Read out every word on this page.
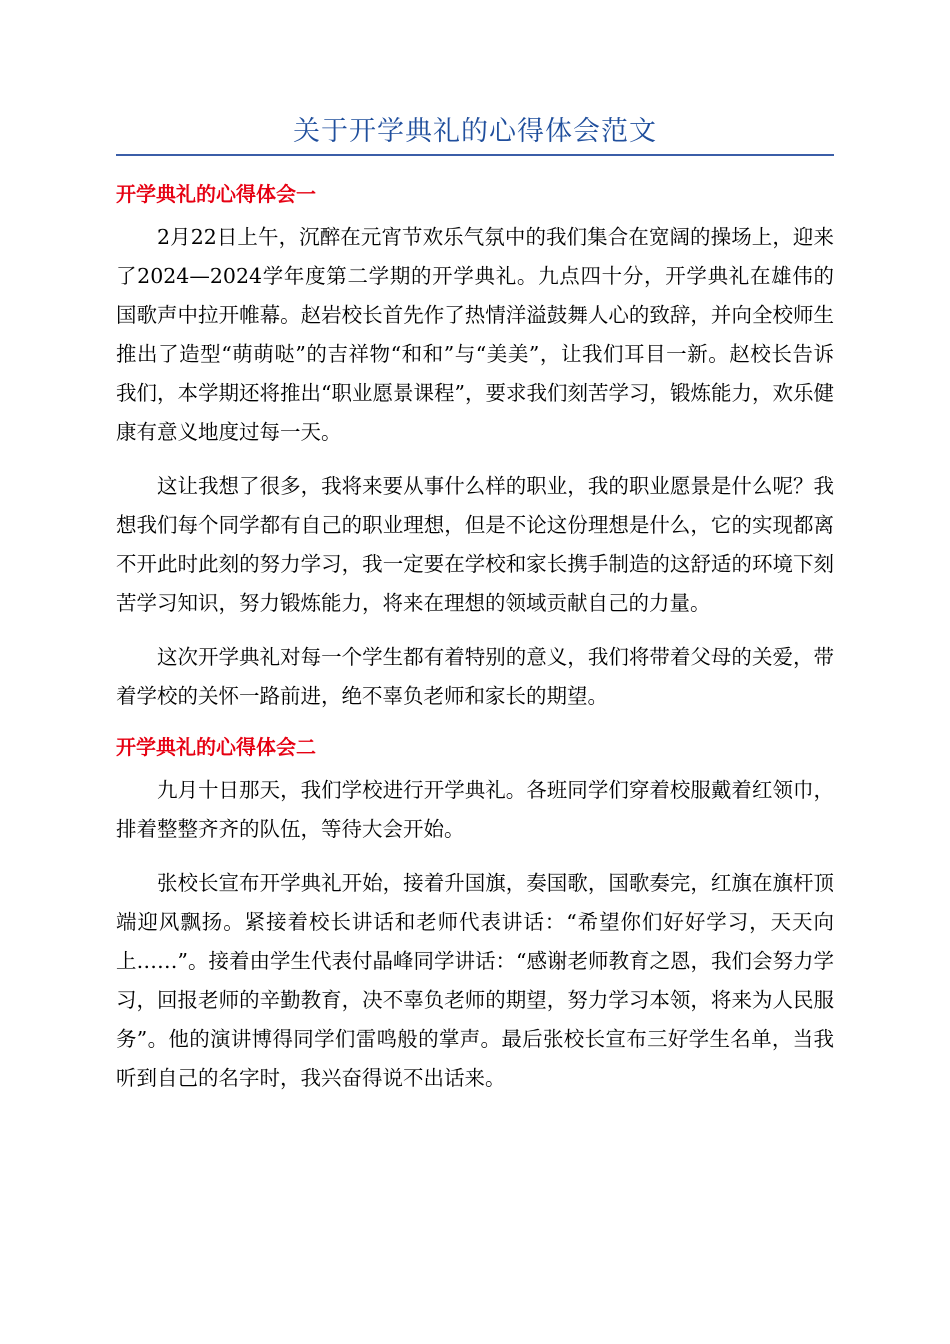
关于开学典礼的心得体会范文
开学典礼的心得体会一

2月22日上午，沉醉在元宵节欢乐气氛中的我们集合在宽阔的操场上，迎来了2024—2024学年度第二学期的开学典礼。九点四十分，开学典礼在雄伟的国歌声中拉开帷幕。赵岩校长首先作了热情洋溢鼓舞人心的致辞，并向全校师生推出了造型“萌萌哒”的吉祥物“和和”与“美美”，让我们耳目一新。赵校长告诉我们，本学期还将推出“职业愿景课程”，要求我们刻苦学习，锻炼能力，欢乐健康有意义地度过每一天。

这让我想了很多，我将来要从事什么样的职业，我的职业愿景是什么呢？我想我们每个同学都有自己的职业理想，但是不论这份理想是什么，它的实现都离不开此时此刻的努力学习，我一定要在学校和家长携手制造的这舒适的环境下刻苦学习知识，努力锻炼能力，将来在理想的领域贡献自己的力量。

这次开学典礼对每一个学生都有着特别的意义，我们将带着父母的关爱，带着学校的关怀一路前进，绝不辜负老师和家长的期望。

开学典礼的心得体会二

九月十日那天，我们学校进行开学典礼。各班同学们穿着校服戴着红领巾，排着整整齐齐的队伍，等待大会开始。

张校长宣布开学典礼开始，接着升国旗，奏国歌，国歌奏完，红旗在旗杆顶端迎风飘扬。紧接着校长讲话和老师代表讲话：“希望你们好好学习，天天向上……”。接着由学生代表付晶峰同学讲话：“感谢老师教育之恩，我们会努力学习，回报老师的辛勤教育，决不辜负老师的期望，努力学习本领，将来为人民服务”。他的演讲博得同学们雷鸣般的掌声。最后张校长宣布三好学生名单，当我听到自己的名字时，我兴奋得说不出话来。
